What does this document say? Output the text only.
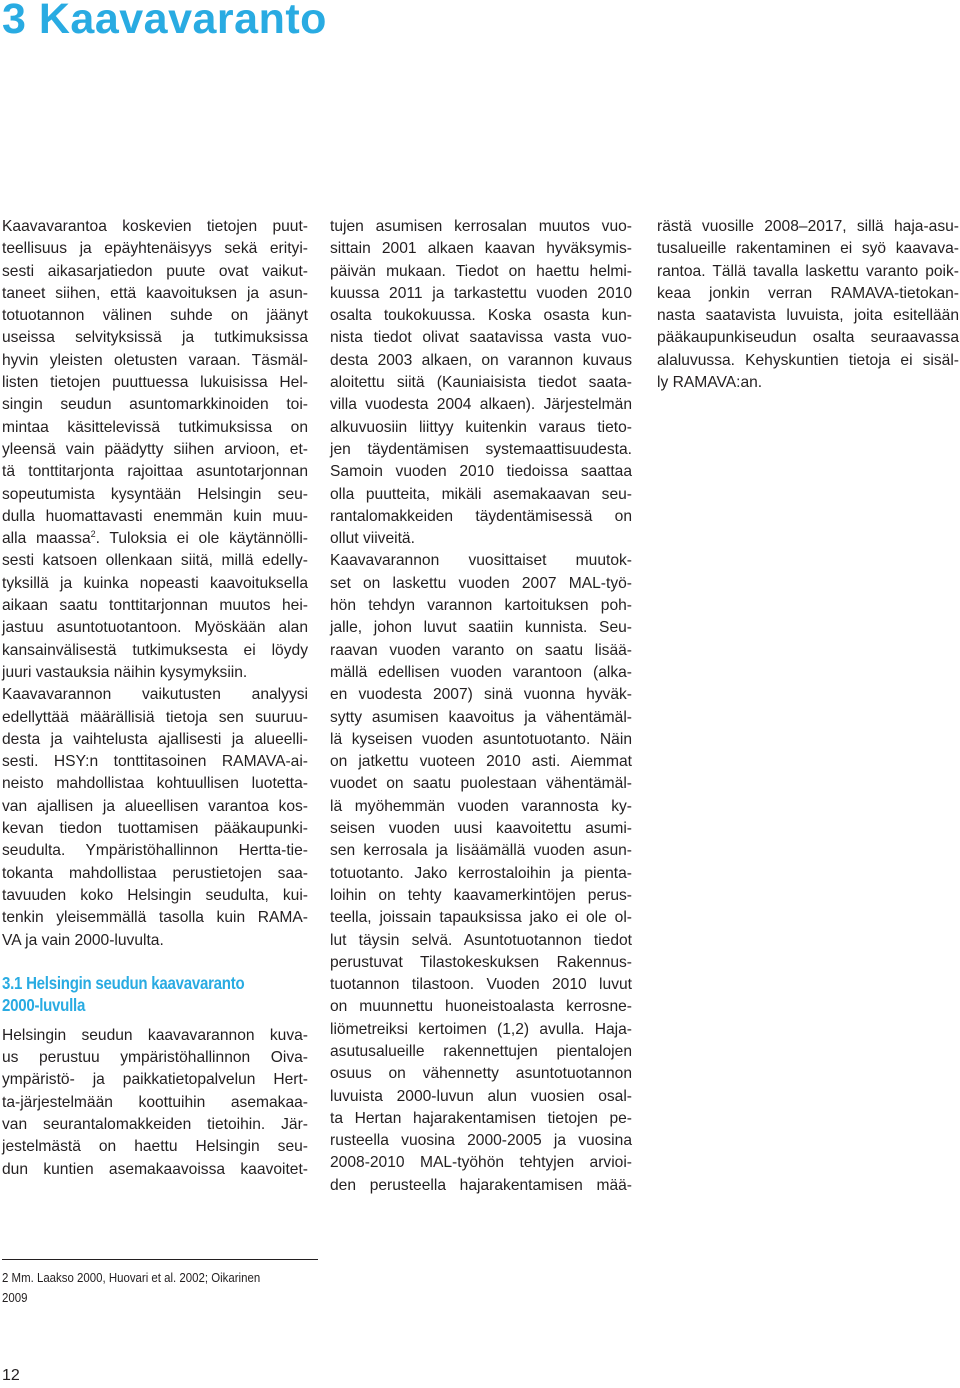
3 Kaavavaranto

Kaavavarantoa koskevien tietojen puut-

teellisuus ja epäyhtenäisyys sekä erityi-

sesti aikasarjatiedon puute ovat vaikut-

taneet siihen, että kaavoituksen ja asun-

totuotannon välinen suhde on jäänyt

useissa selvityksissä ja tutkimuksissa

hyvin yleisten oletusten varaan. Täsmäl-

listen tietojen puuttuessa lukuisissa Hel-

singin seudun asuntomarkkinoiden toi-

mintaa käsittelevissä tutkimuksissa on

yleensä vain päädytty siihen arvioon, et-

tä tonttitarjonta rajoittaa asuntotarjonnan

sopeutumista kysyntään Helsingin seu-

dulla huomattavasti enemmän kuin muu-

alla maassa$^2$. Tuloksia ei ole käytännölli-

sesti katsoen ollenkaan siitä, millä edelly-

tyksillä ja kuinka nopeasti kaavoituksella

aikaan saatu tonttitarjonnan muutos hei-

jastuu asuntotuotantoon. Myöskään alan

kansainvälisestä tutkimuksesta ei löydy

juuri vastauksia näihin kysymyksiin.

Kaavavarannon vaikutusten analyysi

edellyttää määrällisiä tietoja sen suuruu-

desta ja vaihtelusta ajallisesti ja alueelli-

sesti. HSY:n tonttitasoinen RAMAVA-ai-

neisto mahdollistaa kohtuullisen luotetta-

van ajallisen ja alueellisen varantoa kos-

kevan tiedon tuottamisen pääkaupunki-

seudulta. Ympäristöhallinnon Hertta-tie-

tokanta mahdollistaa perustietojen saa-

tavuuden koko Helsingin seudulta, kui-

tenkin yleisemmällä tasolla kuin RAMA-

VA ja vain 2000-luvulta.

3.1 Helsingin seudun kaavavaranto

2000-luvulla

Helsingin seudun kaavavarannon kuva-

us perustuu ympäristöhallinnon Oiva-

ympäristö- ja paikkatietopalvelun Hert-

ta-järjestelmään koottuihin asemakaa-

van seurantalomakkeiden tietoihin. Jär-

jestelmästä on haettu Helsingin seu-

dun kuntien asemakaavoissa kaavoitet-

tujen asumisen kerrosalan muutos vuo-

sittain 2001 alkaen kaavan hyväksymis-

päivän mukaan. Tiedot on haettu helmi-

kuussa 2011 ja tarkastettu vuoden 2010

osalta toukokuussa. Koska osasta kun-

nista tiedot olivat saatavissa vasta vuo-

desta 2003 alkaen, on varannon kuvaus

aloitettu siitä (Kauniaisista tiedot saata-

villa vuodesta 2004 alkaen). Järjestelmän

alkuvuosiin liittyy kuitenkin varaus tieto-

jen täydentämisen systemaattisuudesta.

Samoin vuoden 2010 tiedoissa saattaa

olla puutteita, mikäli asemakaavan seu-

rantalomakkeiden täydentämisessä on

ollut viiveitä.

Kaavavarannon vuosittaiset muutok-

set on laskettu vuoden 2007 MAL-työ-

hön tehdyn varannon kartoituksen poh-

jalle, johon luvut saatiin kunnista. Seu-

raavan vuoden varanto on saatu lisää-

mällä edellisen vuoden varantoon (alka-

en vuodesta 2007) sinä vuonna hyväk-

sytty asumisen kaavoitus ja vähentämäl-

lä kyseisen vuoden asuntotuotanto. Näin

on jatkettu vuoteen 2010 asti. Aiemmat

vuodet on saatu puolestaan vähentämäl-

lä myöhemmän vuoden varannosta ky-

seisen vuoden uusi kaavoitettu asumi-

sen kerrosala ja lisäämällä vuoden asun-

totuotanto. Jako kerrostaloihin ja pienta-

loihin on tehty kaavamerkintöjen perus-

teella, joissain tapauksissa jako ei ole ol-

lut täysin selvä. Asuntotuotannon tiedot

perustuvat Tilastokeskuksen Rakennus-

tuotannon tilastoon. Vuoden 2010 luvut

on muunnettu huoneistoalasta kerrosne-

liömetreiksi kertoimen (1,2) avulla. Haja-

asutusalueille rakennettujen pientalojen

osuus on vähennetty asuntotuotannon

luvuista 2000-luvun alun vuosien osal-

ta Hertan hajarakentamisen tietojen pe-

rusteella vuosina 2000-2005 ja vuosina

2008-2010 MAL-työhön tehtyjen arvioi-

den perusteella hajarakentamisen mää-

rästä vuosille 2008–2017, sillä haja-asu-

tusalueille rakentaminen ei syö kaavava-

rantoa. Tällä tavalla laskettu varanto poik-

keaa jonkin verran RAMAVA-tietokan-

nasta saatavista luvuista, joita esitellään

pääkaupunkiseudun osalta seuraavassa

alaluvussa. Kehyskuntien tietoja ei sisäl-

ly RAMAVA:an.

2 Mm. Laakso 2000, Huovari et al. 2002; Oikarinen

2009

12
